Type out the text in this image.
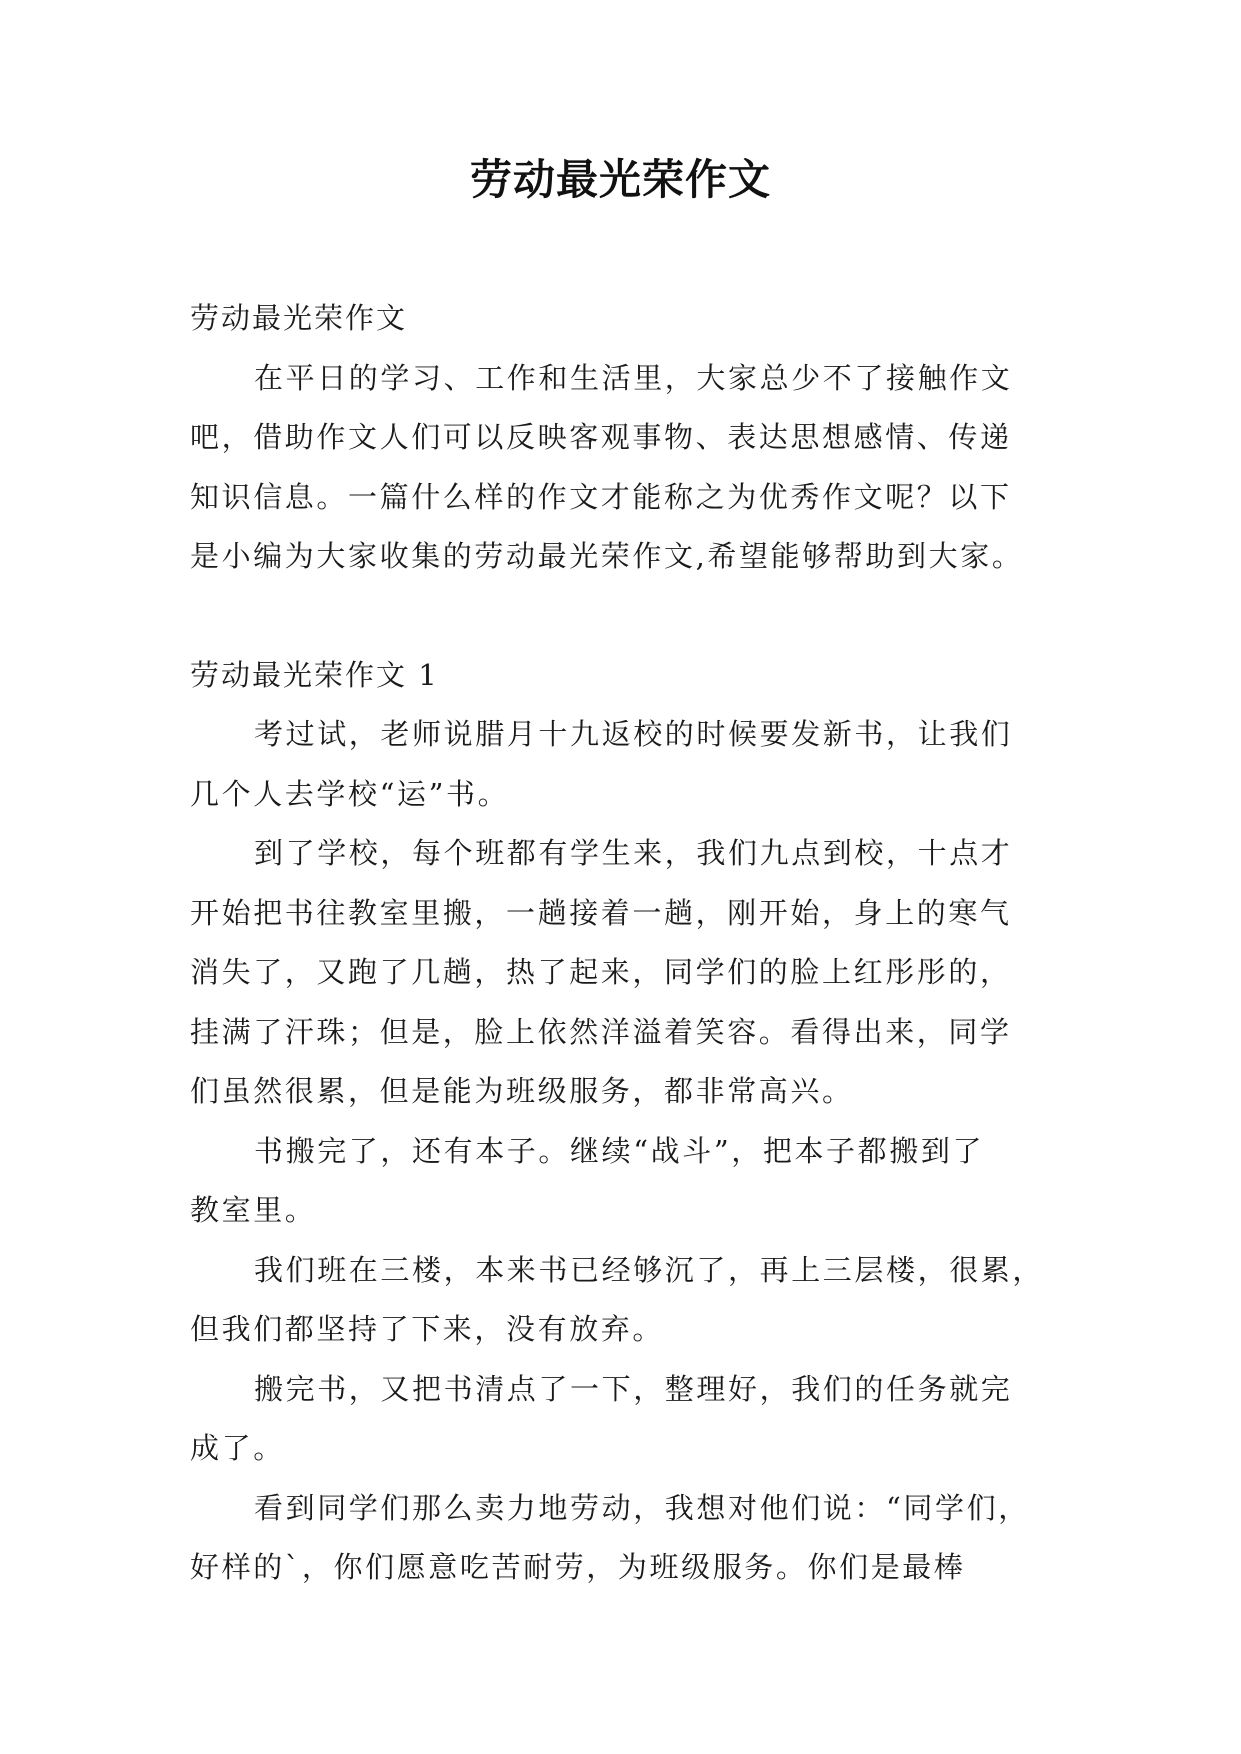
劳动最光荣作文

劳动最光荣作文

在平日的学习、工作和生活里，大家总少不了接触作文

吧，借助作文人们可以反映客观事物、表达思想感情、传递

知识信息。一篇什么样的作文才能称之为优秀作文呢？以下

是小编为大家收集的劳动最光荣作文,希望能够帮助到大家。

劳动最光荣作文 1

考过试，老师说腊月十九返校的时候要发新书，让我们

几个人去学校“运”书。

到了学校，每个班都有学生来，我们九点到校，十点才

开始把书往教室里搬，一趟接着一趟，刚开始，身上的寒气

消失了，又跑了几趟，热了起来，同学们的脸上红彤彤的，

挂满了汗珠；但是，脸上依然洋溢着笑容。看得出来，同学

们虽然很累，但是能为班级服务，都非常高兴。

书搬完了，还有本子。继续“战斗”，把本子都搬到了

教室里。

我们班在三楼，本来书已经够沉了，再上三层楼，很累，

但我们都坚持了下来，没有放弃。

搬完书，又把书清点了一下，整理好，我们的任务就完

成了。

看到同学们那么卖力地劳动，我想对他们说：“同学们，

好样的`，你们愿意吃苦耐劳，为班级服务。你们是最棒
